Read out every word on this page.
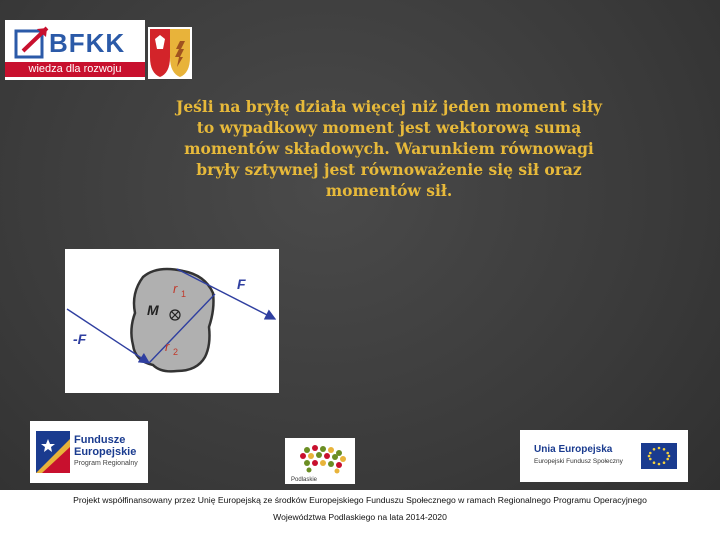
BFKK
wiedza dla rozwoju
Jeśli na bryłę działa więcej niż jeden moment siły
to wypadkowy moment jest wektorową sumą
momentów składowych. Warunkiem równowagi
bryły sztywnej jest równoważenie się sił oraz
momentów sił.
M
F
-F
r 1
r 2
Fundusze
Europejskie
Program Regionalny
Podlaskie
Unia Europejska
Europejski Fundusz Społeczny
Projekt współfinansowany przez Unię Europejską ze środków Europejskiego Funduszu Społecznego w ramach Regionalnego Programu Operacyjnego
Województwa Podlaskiego na lata 2014-2020
